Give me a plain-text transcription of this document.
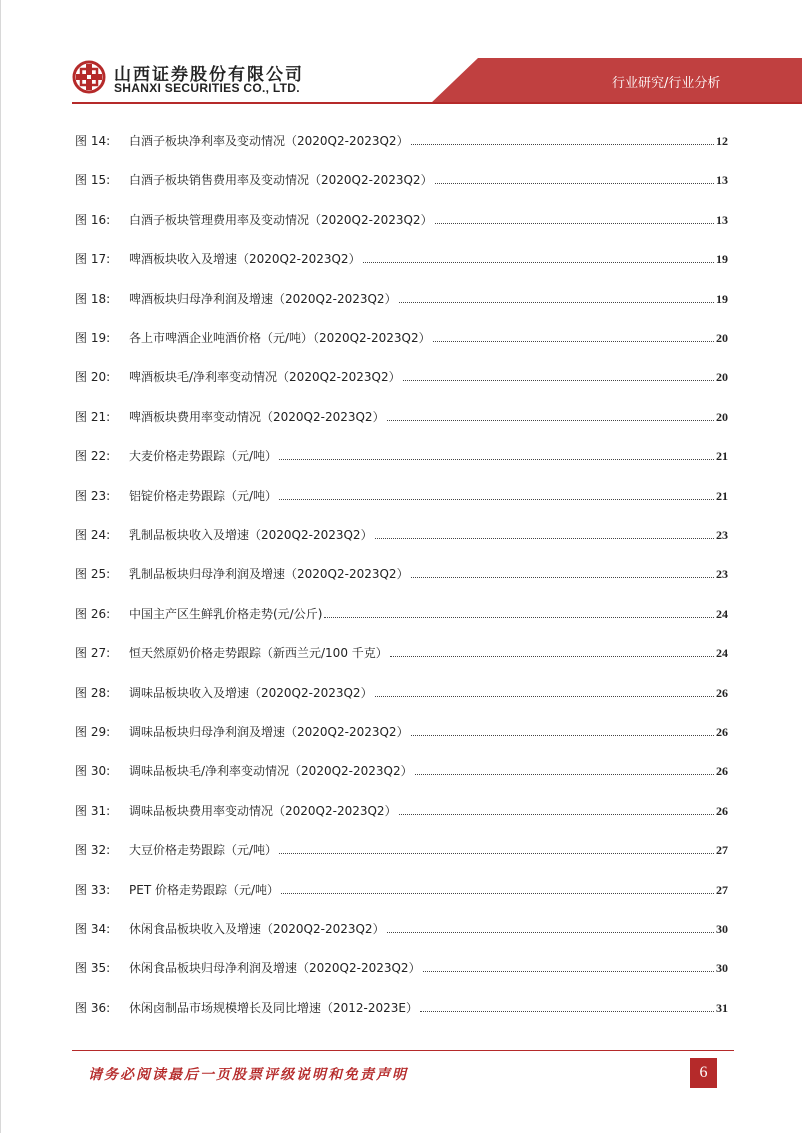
山西证券股份有限公司
SHANXI SECURITIES CO., LTD.	行业研究/行业分析
图 14:	白酒子板块净利率及变动情况（2020Q2-2023Q2）	12
图 15:	白酒子板块销售费用率及变动情况（2020Q2-2023Q2）	13
图 16:	白酒子板块管理费用率及变动情况（2020Q2-2023Q2）	13
图 17:	啤酒板块收入及增速（2020Q2-2023Q2）	19
图 18:	啤酒板块归母净利润及增速（2020Q2-2023Q2）	19
图 19:	各上市啤酒企业吨酒价格（元/吨）（2020Q2-2023Q2）	20
图 20:	啤酒板块毛/净利率变动情况（2020Q2-2023Q2）	20
图 21:	啤酒板块费用率变动情况（2020Q2-2023Q2）	20
图 22:	大麦价格走势跟踪（元/吨）	21
图 23:	铝锭价格走势跟踪（元/吨）	21
图 24:	乳制品板块收入及增速（2020Q2-2023Q2）	23
图 25:	乳制品板块归母净利润及增速（2020Q2-2023Q2）	23
图 26:	中国主产区生鲜乳价格走势(元/公斤)	24
图 27:	恒天然原奶价格走势跟踪（新西兰元/100 千克）	24
图 28:	调味品板块收入及增速（2020Q2-2023Q2）	26
图 29:	调味品板块归母净利润及增速（2020Q2-2023Q2）	26
图 30:	调味品板块毛/净利率变动情况（2020Q2-2023Q2）	26
图 31:	调味品板块费用率变动情况（2020Q2-2023Q2）	26
图 32:	大豆价格走势跟踪（元/吨）	27
图 33:	PET 价格走势跟踪（元/吨）	27
图 34:	休闲食品板块收入及增速（2020Q2-2023Q2）	30
图 35:	休闲食品板块归母净利润及增速（2020Q2-2023Q2）	30
图 36:	休闲卤制品市场规模增长及同比增速（2012-2023E）	31
请务必阅读最后一页股票评级说明和免责声明	6
